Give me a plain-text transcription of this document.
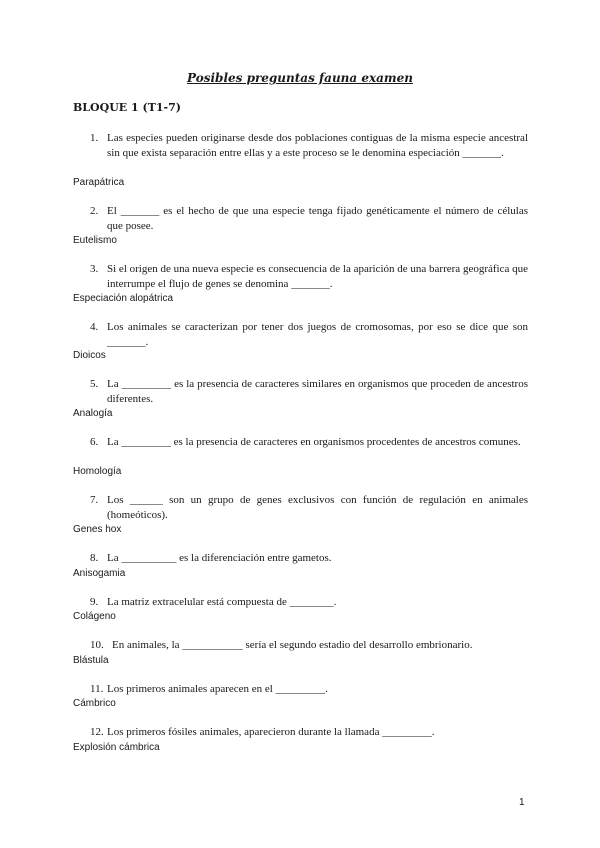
Posibles preguntas fauna examen
BLOQUE 1 (T1-7)
1. Las especies pueden originarse desde dos poblaciones contiguas de la misma especie ancestral sin que exista separación entre ellas y a este proceso se le denomina especiación _______.
Parapátrica
2. El _______ es el hecho de que una especie tenga fijado genéticamente el número de células que posee.
Eutelismo
3. Si el origen de una nueva especie es consecuencia de la aparición de una barrera geográfica que interrumpe el flujo de genes se denomina _______.
Especiación alopátrica
4. Los animales se caracterizan por tener dos juegos de cromosomas, por eso se dice que son _______.
Dioicos
5. La _________ es la presencia de caracteres similares en organismos que proceden de ancestros diferentes.
Analogía
6. La _________ es la presencia de caracteres en organismos procedentes de ancestros comunes.
Homología
7. Los ______ son un grupo de genes exclusivos con función de regulación en animales (homeóticos).
Genes hox
8. La __________ es la diferenciación entre gametos.
Anisogamia
9. La matriz extracelular está compuesta de ________.
Colágeno
10. En animales, la ___________ sería el segundo estadio del desarrollo embrionario.
Blástula
11. Los primeros animales aparecen en el _________.
Cámbrico
12. Los primeros fósiles animales, aparecieron durante la llamada _________.
Explosión cámbrica
1
